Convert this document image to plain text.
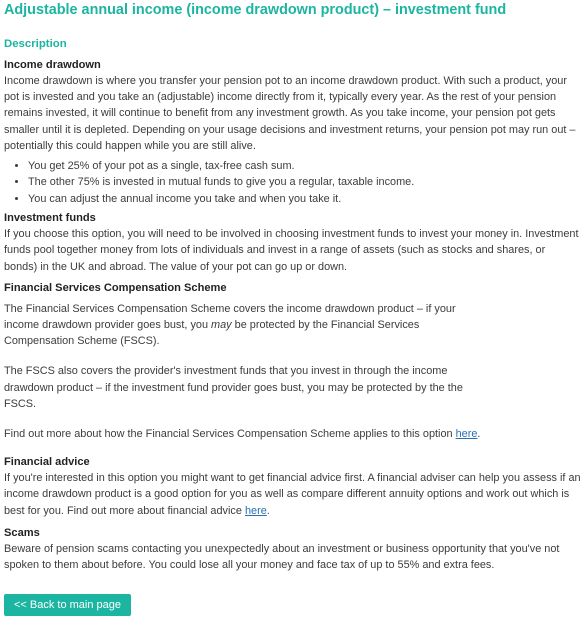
Adjustable annual income (income drawdown product) – investment fund
Description
Income drawdown

Income drawdown is where you transfer your pension pot to an income drawdown product. With such a product, your pot is invested and you take an (adjustable) income directly from it, typically every year. As the rest of your pension remains invested, it will continue to benefit from any investment growth. As you take income, your pension pot gets smaller until it is depleted. Depending on your usage decisions and investment returns, your pension pot may run out – potentially this could happen while you are still alive.

• You get 25% of your pot as a single, tax-free cash sum.
• The other 75% is invested in mutual funds to give you a regular, taxable income.
• You can adjust the annual income you take and when you take it.
Investment funds

If you choose this option, you will need to be involved in choosing investment funds to invest your money in. Investment funds pool together money from lots of individuals and invest in a range of assets (such as stocks and shares, or bonds) in the UK and abroad. The value of your pot can go up or down.

Financial Services Compensation Scheme

The Financial Services Compensation Scheme covers the income drawdown product – if your
income drawdown provider goes bust, you may be protected by the Financial Services
Compensation Scheme (FSCS).

The FSCS also covers the provider's investment funds that you invest in through the income
drawdown product – if the investment fund provider goes bust, you may be protected by the the
FSCS.

Find out more about how the Financial Services Compensation Scheme applies to this option here.

Financial advice

If you're interested in this option you might want to get financial advice first. A financial adviser can help you assess if an income drawdown product is a good option for you as well as compare different annuity options and work out which is best for you. Find out more about financial advice here.

Scams

Beware of pension scams contacting you unexpectedly about an investment or business opportunity that you've not spoken to them about before. You could lose all your money and face tax of up to 55% and extra fees.

<< Back to main page
